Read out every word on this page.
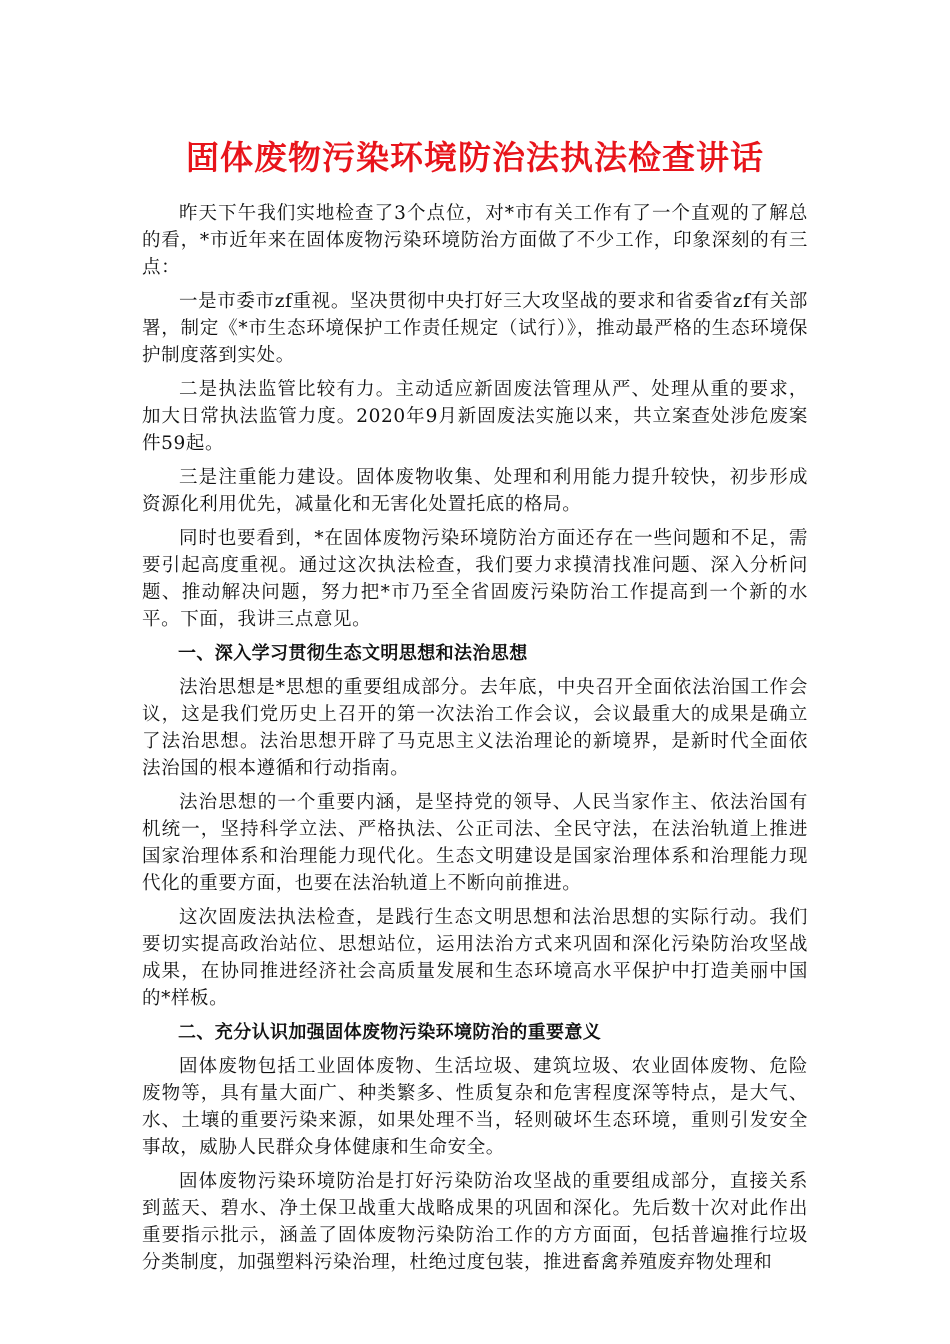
固体废物污染环境防治法执法检查讲话

昨天下午我们实地检查了3个点位，对*市有关工作有了一个直观的了解总的看，*市近年来在固体废物污染环境防治方面做了不少工作，印象深刻的有三点：

一是市委市zf重视。坚决贯彻中央打好三大攻坚战的要求和省委省zf有关部署，制定《*市生态环境保护工作责任规定（试行）》，推动最严格的生态环境保护制度落到实处。

二是执法监管比较有力。主动适应新固废法管理从严、处理从重的要求，加大日常执法监管力度。2020年9月新固废法实施以来，共立案查处涉危废案件59起。

三是注重能力建设。固体废物收集、处理和利用能力提升较快，初步形成资源化利用优先，减量化和无害化处置托底的格局。

同时也要看到，*在固体废物污染环境防治方面还存在一些问题和不足，需要引起高度重视。通过这次执法检查，我们要力求摸清找准问题、深入分析问题、推动解决问题，努力把*市乃至全省固废污染防治工作提高到一个新的水平。下面，我讲三点意见。

一、深入学习贯彻生态文明思想和法治思想

法治思想是*思想的重要组成部分。去年底，中央召开全面依法治国工作会议，这是我们党历史上召开的第一次法治工作会议，会议最重大的成果是确立了法治思想。法治思想开辟了马克思主义法治理论的新境界，是新时代全面依法治国的根本遵循和行动指南。

法治思想的一个重要内涵，是坚持党的领导、人民当家作主、依法治国有机统一，坚持科学立法、严格执法、公正司法、全民守法，在法治轨道上推进国家治理体系和治理能力现代化。生态文明建设是国家治理体系和治理能力现代化的重要方面，也要在法治轨道上不断向前推进。

这次固废法执法检查，是践行生态文明思想和法治思想的实际行动。我们要切实提高政治站位、思想站位，运用法治方式来巩固和深化污染防治攻坚战成果，在协同推进经济社会高质量发展和生态环境高水平保护中打造美丽中国的*样板。

二、充分认识加强固体废物污染环境防治的重要意义

固体废物包括工业固体废物、生活垃圾、建筑垃圾、农业固体废物、危险废物等，具有量大面广、种类繁多、性质复杂和危害程度深等特点，是大气、水、土壤的重要污染来源，如果处理不当，轻则破坏生态环境，重则引发安全事故，威胁人民群众身体健康和生命安全。

固体废物污染环境防治是打好污染防治攻坚战的重要组成部分，直接关系到蓝天、碧水、净土保卫战重大战略成果的巩固和深化。先后数十次对此作出重要指示批示，涵盖了固体废物污染防治工作的方方面面，包括普遍推行垃圾分类制度，加强塑料污染治理，杜绝过度包装，推进畜禽养殖废弃物处理和
